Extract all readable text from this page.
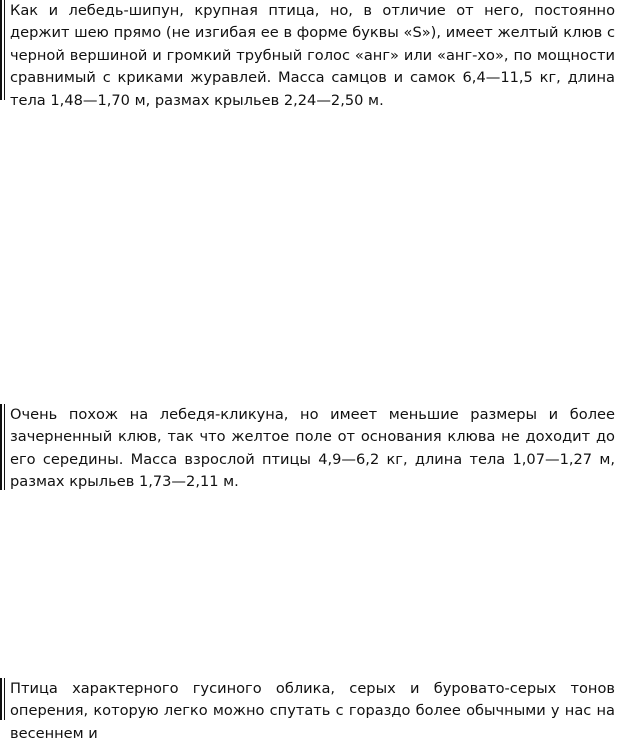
Как и лебедь-шипун, крупная птица, но, в отличие от него, постоянно держит шею прямо (не изгибая ее в форме буквы «S»), имеет желтый клюв с черной вершиной и громкий трубный голос «анг» или «анг-хо», по мощности сравнимый с криками журавлей. Масса самцов и самок 6,4—11,5 кг, длина тела 1,48—1,70 м, размах крыльев 2,24—2,50 м.

Очень похож на лебедя-кликуна, но имеет меньшие размеры и более зачерненный клюв, так что желтое поле от основания клюва не доходит до его середины. Масса взрослой птицы 4,9—6,2 кг, длина тела 1,07—1,27 м, размах крыльев 1,73—2,11 м.

Птица характерного гусиного облика, серых и буровато-серых тонов оперения, которую легко можно спутать с гораздо более обычными у нас на весеннем и
